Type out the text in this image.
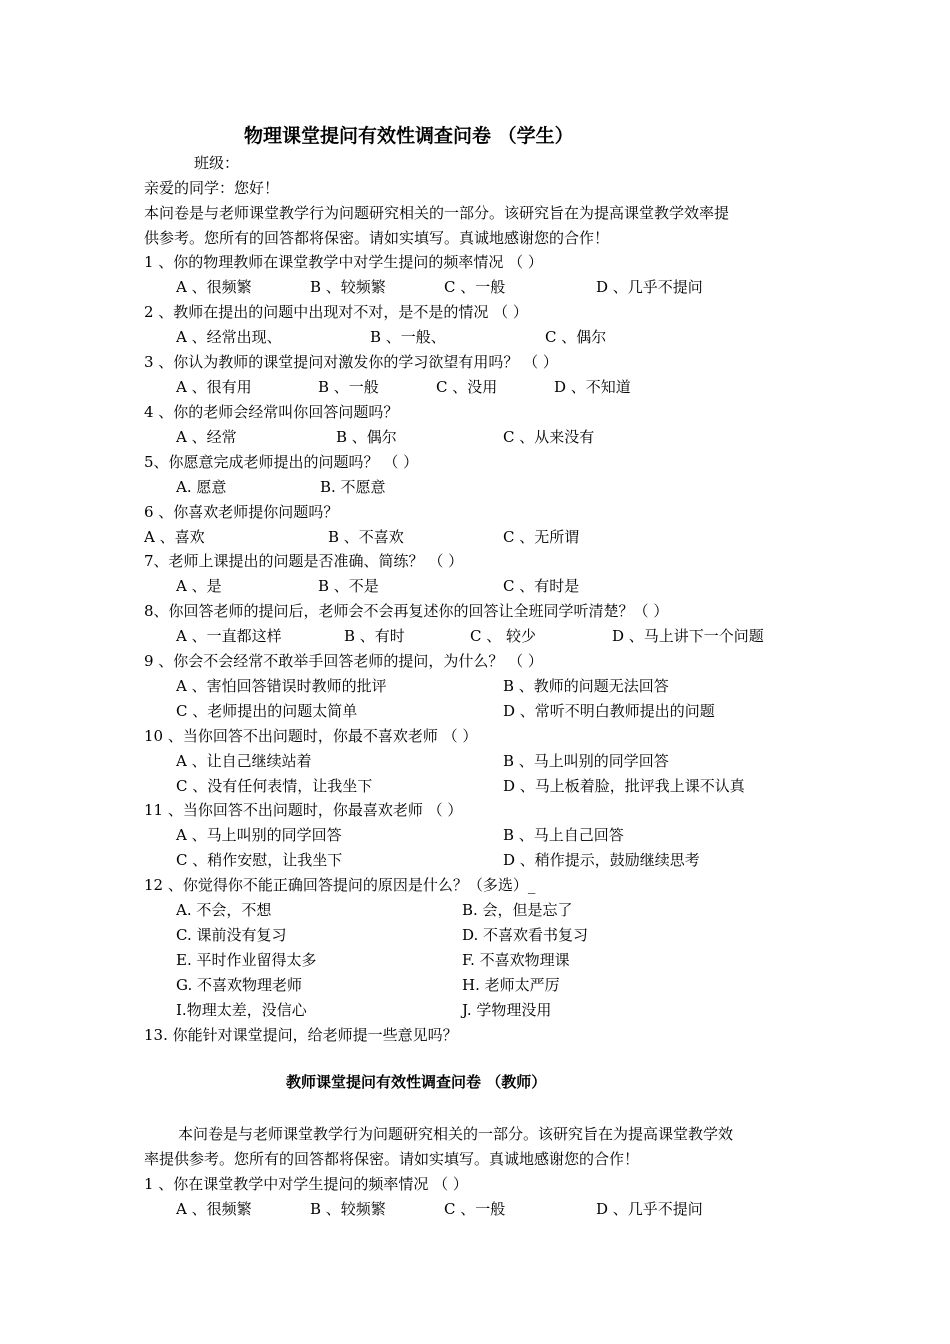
物理课堂提问有效性调查问卷 （学生）
班级：
亲爱的同学：您好！
本问卷是与老师课堂教学行为问题研究相关的一部分。该研究旨在为提高课堂教学效率提
供参考。您所有的回答都将保密。请如实填写。真诚地感谢您的合作！
1 、你的物理教师在课堂教学中对学生提问的频率情况 （ ）
A 、很频繁	B 、较频繁	C 、一般	D 、几乎不提问
2 、教师在提出的问题中出现对不对，是不是的情况 （ ）
A 、经常出现、	B 、一般、	C 、偶尔
3 、你认为教师的课堂提问对激发你的学习欲望有用吗？ （ ）
A 、很有用	B 、一般	C 、没用	D 、不知道
4 、你的老师会经常叫你回答问题吗？
A 、经常	B 、偶尔	C 、从来没有
5、你愿意完成老师提出的问题吗？ （ ）
A. 愿意	B. 不愿意
6 、你喜欢老师提你问题吗？
A 、喜欢	B 、不喜欢	C 、无所谓
7、老师上课提出的问题是否准确、简练？ （ ）
A 、是	B 、不是	C 、有时是
8、你回答老师的提问后，老师会不会再复述你的回答让全班同学听清楚？（ ）
A 、一直都这样	B 、有时	C 、 较少	D 、马上讲下一个问题
9 、你会不会经常不敢举手回答老师的提问，为什么？ （ ）
A 、害怕回答错误时教师的批评	B 、教师的问题无法回答
C 、老师提出的问题太简单	D 、常听不明白教师提出的问题
10 、当你回答不出问题时，你最不喜欢老师 （ ）
A 、让自己继续站着	B 、马上叫别的同学回答
C 、没有任何表情，让我坐下	D 、马上板着脸，批评我上课不认真
11 、当你回答不出问题时，你最喜欢老师 （ ）
A 、马上叫别的同学回答	B 、马上自己回答
C 、稍作安慰，让我坐下	D 、稍作提示，鼓励继续思考
12 、你觉得你不能正确回答提问的原因是什么？（多选）_
A. 不会，不想	B. 会，但是忘了
C. 课前没有复习	D. 不喜欢看书复习
E. 平时作业留得太多	F. 不喜欢物理课
G. 不喜欢物理老师	H. 老师太严厉
I.物理太差，没信心	J. 学物理没用
13. 你能针对课堂提问，给老师提一些意见吗？
教师课堂提问有效性调查问卷 （教师）
本问卷是与老师课堂教学行为问题研究相关的一部分。该研究旨在为提高课堂教学效
率提供参考。您所有的回答都将保密。请如实填写。真诚地感谢您的合作！
1 、你在课堂教学中对学生提问的频率情况 （ ）
A 、很频繁	B 、较频繁	C 、一般	D 、几乎不提问
